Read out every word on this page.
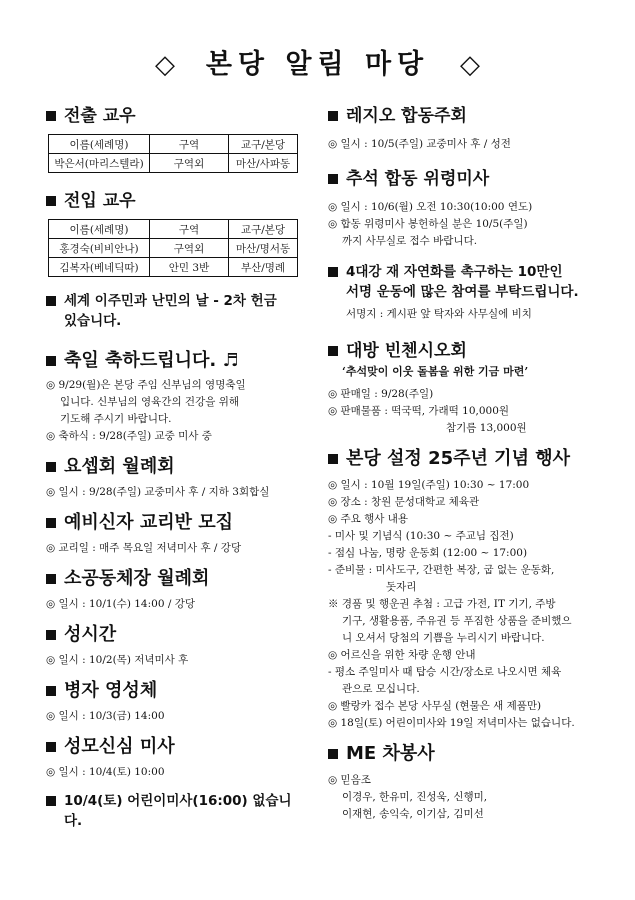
◇ 본당 알림 마당 ◇
전출 교우
이름(세례명)	구역	교구/본당
박은서(마리스텔라)	구역외	마산/사파동
전입 교우
이름(세례명)	구역	교구/본당
홍경숙(비비안나)	구역외	마산/명서동
김복자(베네딕따)	안민 3반	부산/명례
세계 이주민과 난민의 날 - 2차 헌금
있습니다.
축일 축하드립니다. ♬
◎ 9/29(월)은 본당 주임 신부님의 영명축일
입니다. 신부님의 영육간의 건강을 위해
기도해 주시기 바랍니다.
◎ 축하식 : 9/28(주일) 교중 미사 중
요셉회 월례회
◎ 일시 : 9/28(주일) 교중미사 후 / 지하 3회합실
예비신자 교리반 모집
◎ 교리일 : 매주 목요일 저녁미사 후 / 강당
소공동체장 월례회
◎ 일시 : 10/1(수) 14:00 / 강당
성시간
◎ 일시 : 10/2(목) 저녁미사 후
병자 영성체
◎ 일시 : 10/3(금) 14:00
성모신심 미사
◎ 일시 : 10/4(토) 10:00
10/4(토) 어린이미사(16:00) 없습니다.
레지오 합동주회
◎ 일시 : 10/5(주일) 교중미사 후 / 성전
추석 합동 위령미사
◎ 일시 : 10/6(월) 오전 10:30(10:00 연도)
◎ 합동 위령미사 봉헌하실 분은 10/5(주일)
까지 사무실로 접수 바랍니다.
4대강 재 자연화를 촉구하는 10만인
서명 운동에 많은 참여를 부탁드립니다.
서명지 : 게시판 앞 탁자와 사무실에 비치
대방 빈첸시오회
‘추석맞이 이웃 돌봄을 위한 기금 마련’
◎ 판매일 : 9/28(주일)
◎ 판매물품 : 떡국떡, 가래떡 10,000원
참기름 13,000원
본당 설정 25주년 기념 행사
◎ 일시 : 10월 19일(주일) 10:30 ~ 17:00
◎ 장소 : 창원 문성대학교 체육관
◎ 주요 행사 내용
- 미사 및 기념식 (10:30 ~ 주교님 집전)
- 점심 나눔, 명랑 운동회 (12:00 ~ 17:00)
- 준비물 : 미사도구, 간편한 복장, 굽 없는 운동화,
돗자리
※ 경품 및 행운권 추첨 : 고급 가전, IT 기기, 주방
기구, 생활용품, 주유권 등 푸짐한 상품을 준비했으
니 오셔서 당첨의 기쁨을 누리시기 바랍니다.
◎ 어르신을 위한 차량 운행 안내
- 평소 주일미사 때 탑승 시간/장소로 나오시면 체육
관으로 모십니다.
◎ 빨랑카 접수 본당 사무실 (현물은 새 제품만)
◎ 18일(토) 어린이미사와 19일 저녁미사는 없습니다.
ME 차봉사
◎ 믿음조
이경우, 한유미, 진성욱, 신행미,
이재현, 송익숙, 이기삼, 김미선
